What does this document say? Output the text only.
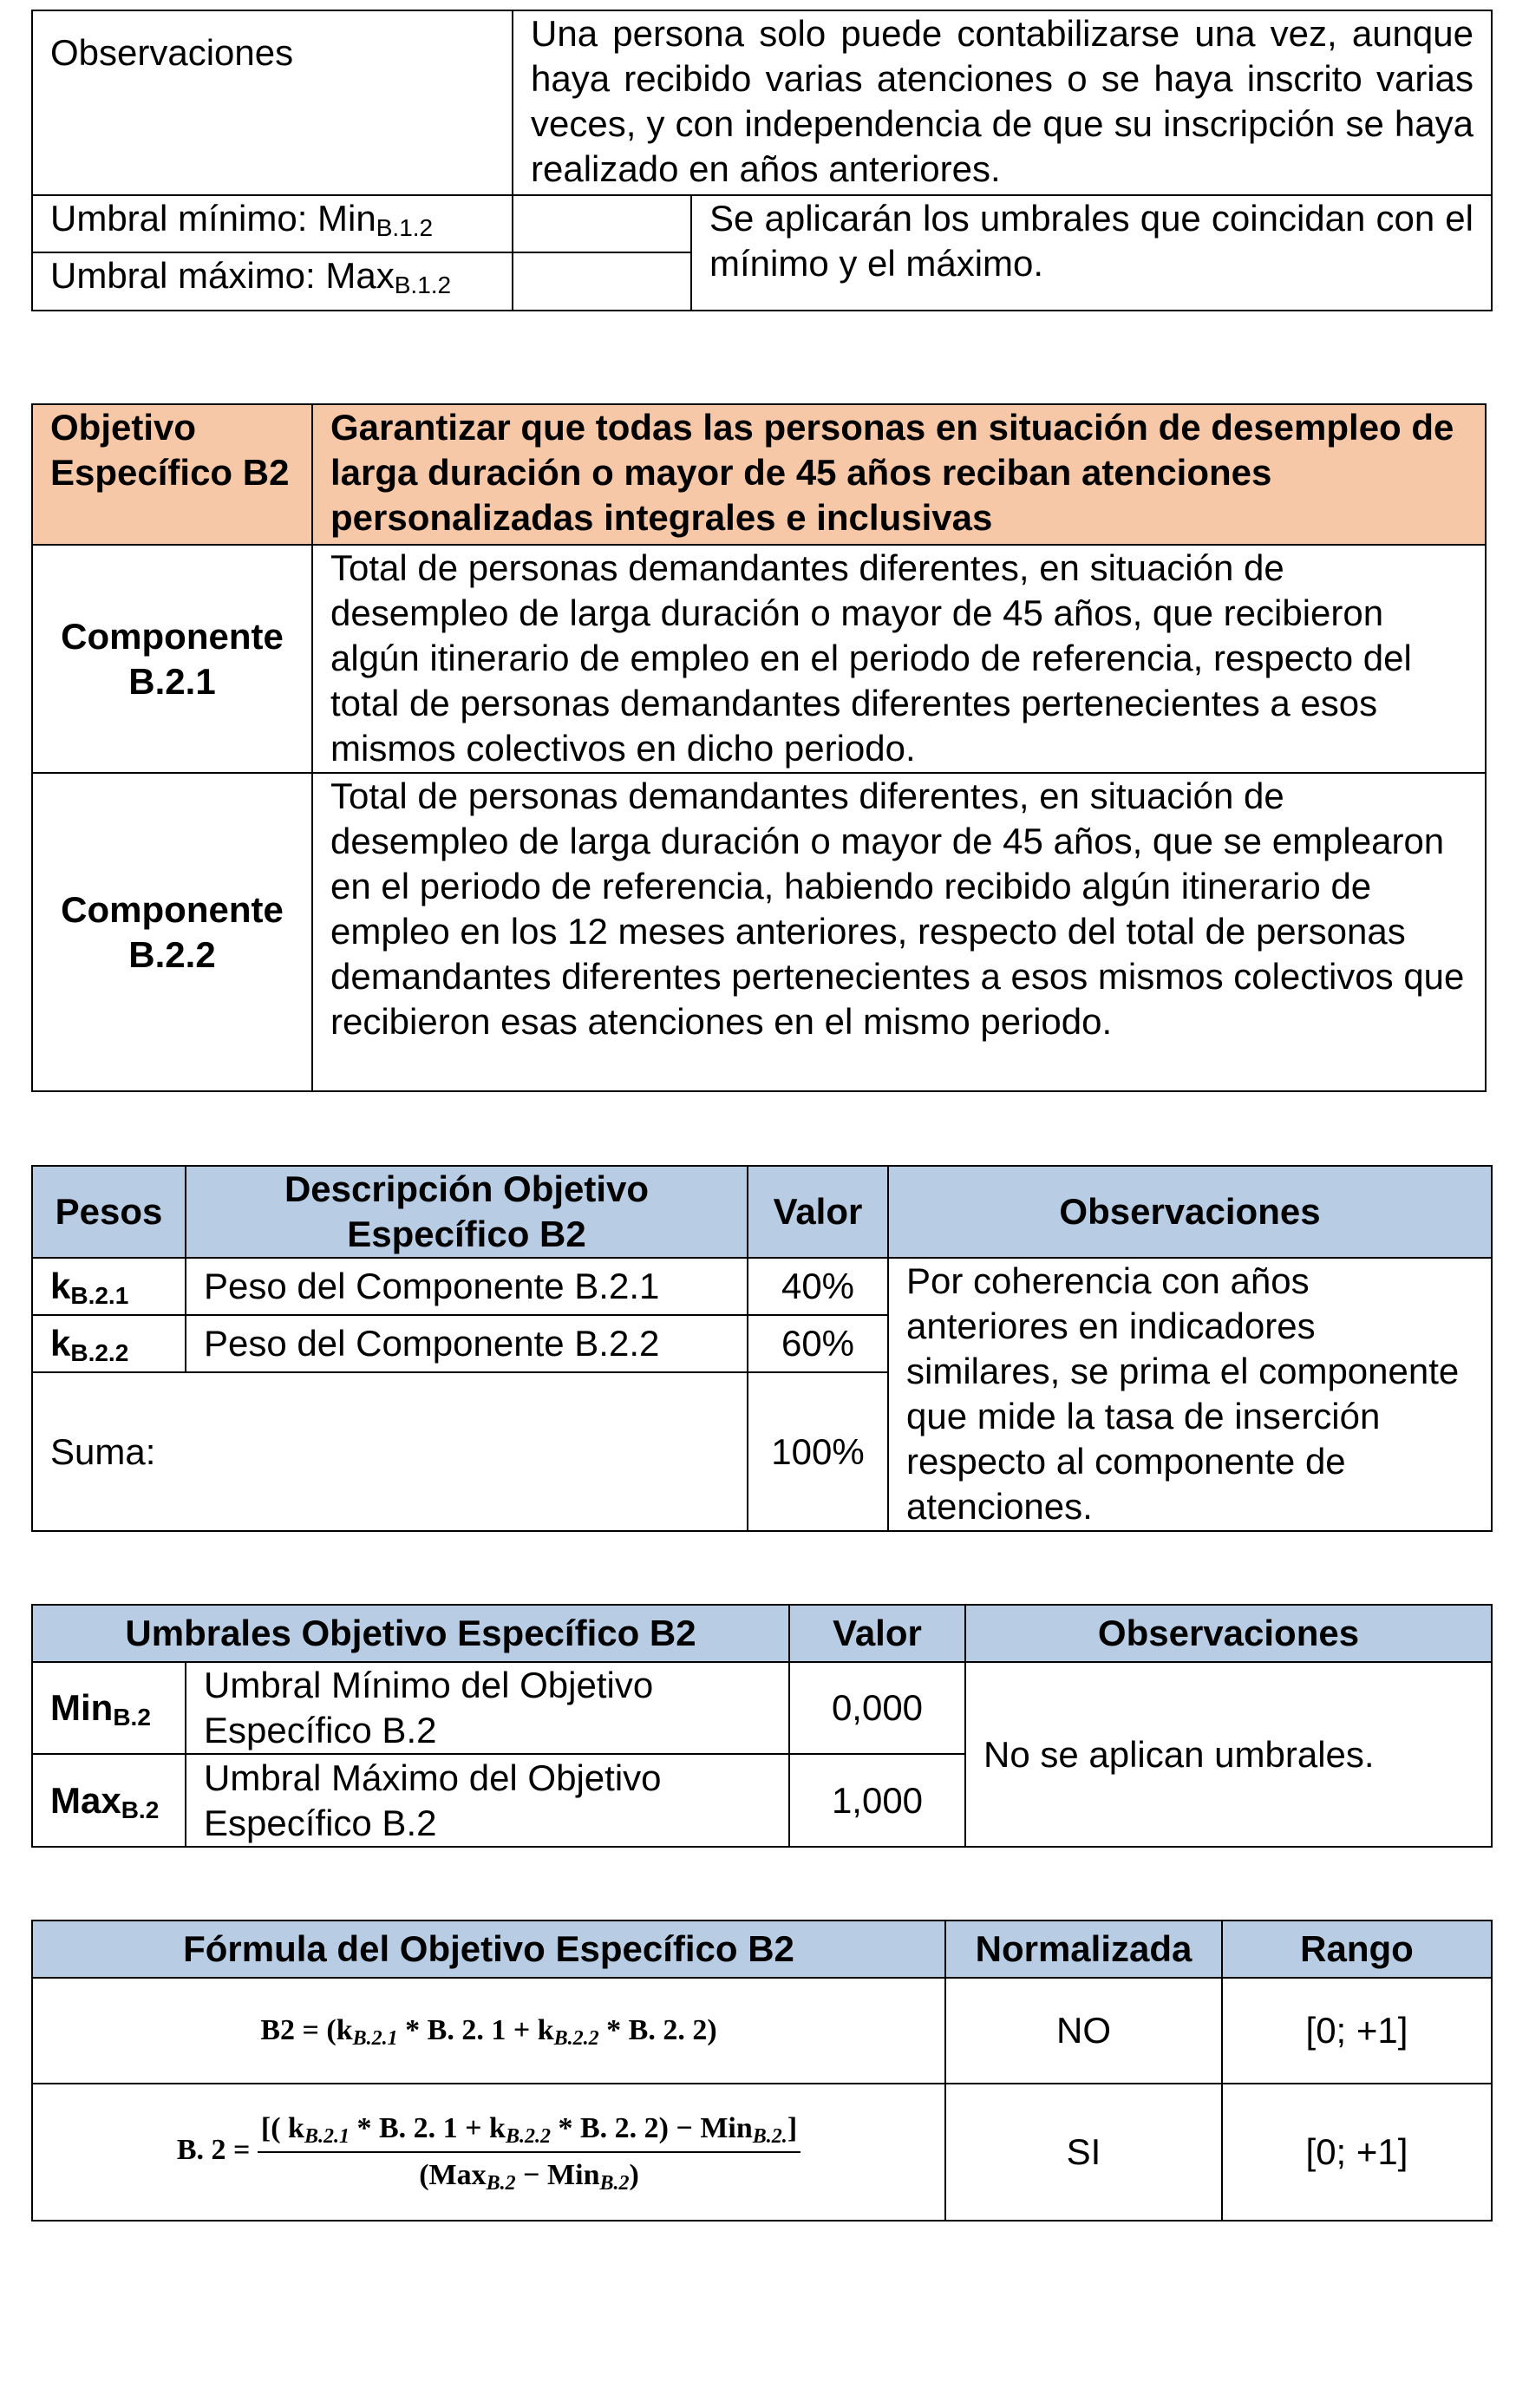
Observaciones	Una persona solo puede contabilizarse una vez, aunque haya recibido varias atenciones o se haya inscrito varias veces, y con independencia de que su inscripción se haya realizado en años anteriores.	
Umbral mínimo: Min$_{B.1.2}$		Se aplicarán los umbrales que coincidan con el mínimo y el máximo.
Umbral máximo: Max$_{B.1.2}$	
Objetivo Específico B2	Garantizar que todas las personas en situación de desempleo de larga duración o mayor de 45 años reciban atenciones personalizadas integrales e inclusivas
Componente B.2.1	Total de personas demandantes diferentes, en situación de desempleo de larga duración o mayor de 45 años, que recibieron algún itinerario de empleo en el periodo de referencia, respecto del total de personas demandantes diferentes pertenecientes a esos mismos colectivos en dicho periodo.
Componente B.2.2	Total de personas demandantes diferentes, en situación de desempleo de larga duración o mayor de 45 años, que se emplearon en el periodo de referencia, habiendo recibido algún itinerario de empleo en los 12 meses anteriores, respecto del total de personas demandantes diferentes pertenecientes a esos mismos colectivos que recibieron esas atenciones en el mismo periodo.
Pesos	Descripción Objetivo Específico B2	Valor	Observaciones
$k_{B.2.1}$	Peso del Componente B.2.1	40%	Por coherencia con años anteriores en indicadores similares, se prima el componente que mide la tasa de inserción respecto al componente de atenciones.
$k_{B.2.2}$	Peso del Componente B.2.2	60%	
Suma:		100%	
Umbrales Objetivo Específico B2		Valor	Observaciones
Min$_{B.2}$	Umbral Mínimo del Objetivo Específico B.2	0,000	No se aplican umbrales.
Max$_{B.2}$	Umbral Máximo del Objetivo Específico B.2	1,000	
Fórmula del Objetivo Específico B2	Normalizada	Rango
$B2 = (k_{B.2.1} * B$. 2. $1 + k_{B.2.2} * B$. 2. 2)	NO	[0; +1]
B. $2 = \frac{[( k_{B.2.1} * B. 2. 1 + k_{B.2.2} * B. 2. 2) - Min_{B.2.}]}{(Max_{B.2} - Min_{B.2})}$	SI	[0; +1]
